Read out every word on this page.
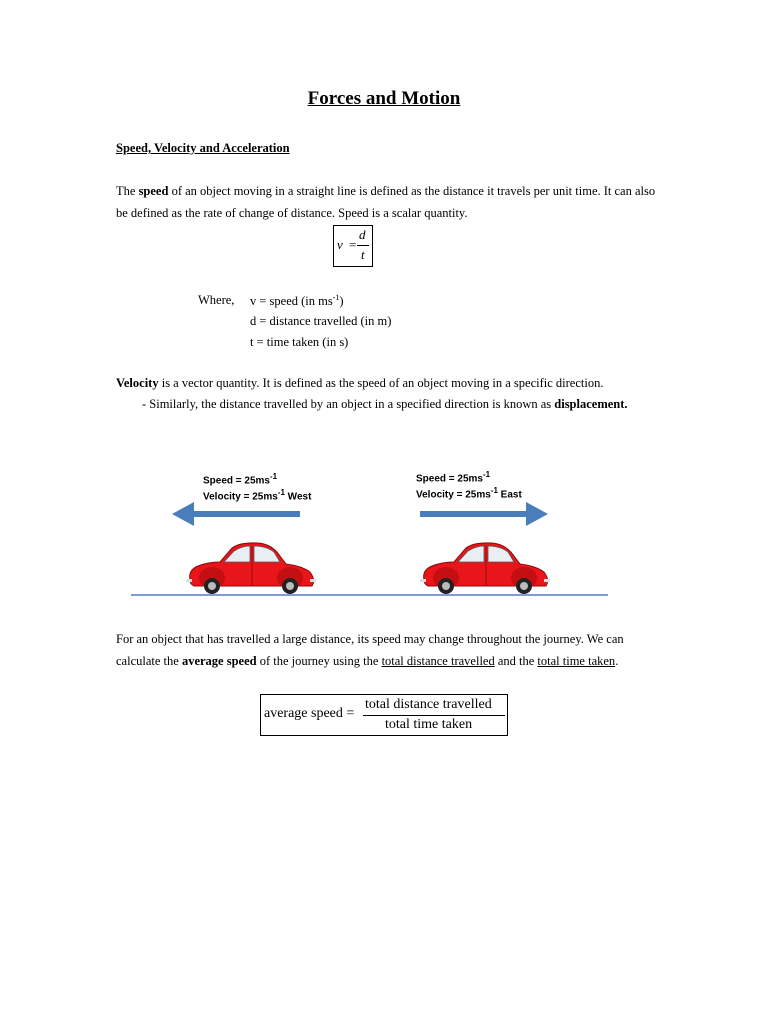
Forces and Motion
Speed, Velocity and Acceleration
The speed of an object moving in a straight line is defined as the distance it travels per unit time. It can also be defined as the rate of change of distance. Speed is a scalar quantity.
v =
d
t
Where, v = speed (in $ms^{-1}$)
d = distance travelled (in m)
t = time taken (in s)
Velocity is a vector quantity. It is defined as the speed of an object moving in a specific direction.
- Similarly, the distance travelled by an object in a specified direction is known as displacement.
Speed = $25ms^{-1}$
Velocity = $25ms^{-1}$ West
Speed = $25ms^{-1}$
Velocity = $25ms^{-1}$ East
For an object that has travelled a large distance, its speed may change throughout the journey. We can calculate the average speed of the journey using the total distance travelled and the total time taken.
average speed =
total distance travelled
total time taken
